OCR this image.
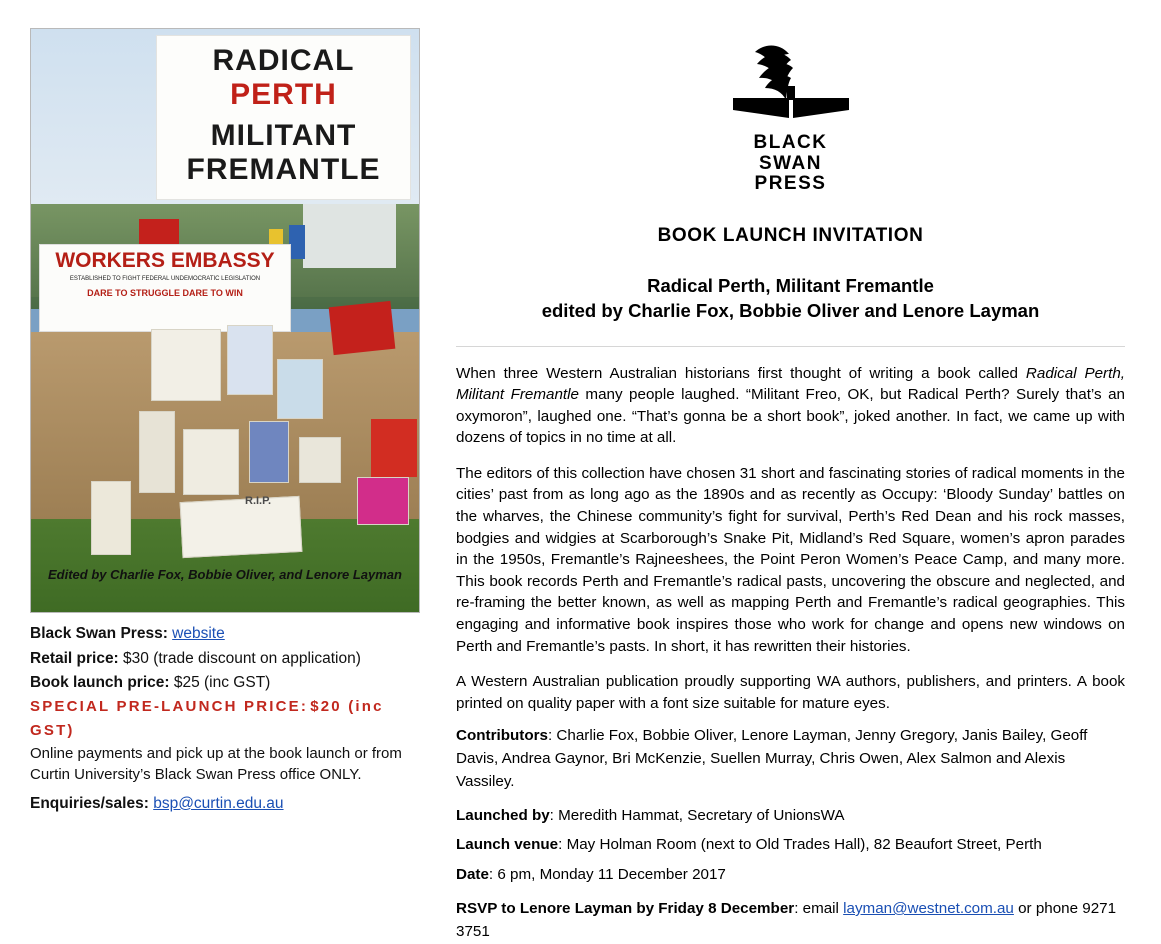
RADICAL
PERTH
MILITANT
FREMANTLE
WORKERS EMBASSY
ESTABLISHED TO FIGHT FEDERAL UNDEMOCRATIC LEGISLATION
DARE TO STRUGGLE DARE TO WIN
R.I.P.
Edited by Charlie Fox, Bobbie Oliver, and Lenore Layman
Black Swan Press: website
Retail price: $30 (trade discount on application)
Book launch price: $25 (inc GST)
SPECIAL PRE-LAUNCH PRICE: $20 (inc GST)
Online payments and pick up at the book launch or from Curtin University’s Black Swan Press office ONLY.
Enquiries/sales: bsp@curtin.edu.au
BLACK
SWAN
PRESS
BOOK LAUNCH INVITATION
Radical Perth, Militant Fremantle
edited by Charlie Fox, Bobbie Oliver and Lenore Layman

When three Western Australian historians first thought of writing a book called Radical Perth, Militant Fremantle many people laughed. “Militant Freo, OK, but Radical Perth? Surely that’s an oxymoron”, laughed one. “That’s gonna be a short book”, joked another. In fact, we came up with dozens of topics in no time at all.

The editors of this collection have chosen 31 short and fascinating stories of radical moments in the cities’ past from as long ago as the 1890s and as recently as Occupy: ‘Bloody Sunday’ battles on the wharves, the Chinese community’s fight for survival, Perth’s Red Dean and his rock masses, bodgies and widgies at Scarborough’s Snake Pit, Midland’s Red Square, women’s apron parades in the 1950s, Fremantle’s Rajneeshees, the Point Peron Women’s Peace Camp, and many more. This book records Perth and Fremantle’s radical pasts, uncovering the obscure and neglected, and re-framing the better known, as well as mapping Perth and Fremantle’s radical geographies. This engaging and informative book inspires those who work for change and opens new windows on Perth and Fremantle’s pasts. In short, it has rewritten their histories.

A Western Australian publication proudly supporting WA authors, publishers, and printers. A book printed on quality paper with a font size suitable for mature eyes.

Contributors: Charlie Fox, Bobbie Oliver, Lenore Layman, Jenny Gregory, Janis Bailey, Geoff Davis, Andrea Gaynor, Bri McKenzie, Suellen Murray, Chris Owen, Alex Salmon and Alexis Vassiley.
Launched by: Meredith Hammat, Secretary of UnionsWA
Launch venue: May Holman Room (next to Old Trades Hall), 82 Beaufort Street, Perth
Date: 6 pm, Monday 11 December 2017
RSVP to Lenore Layman by Friday 8 December: email layman@westnet.com.au or phone 9271 3751
